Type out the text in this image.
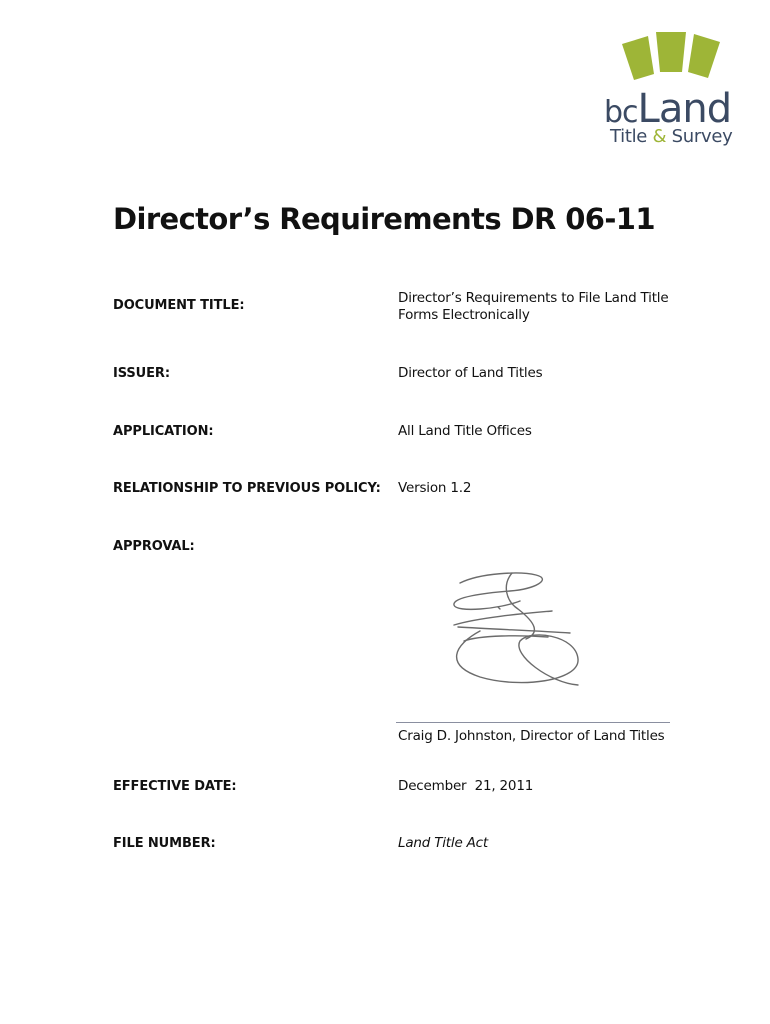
bcLand
Title & Survey
Director’s Requirements DR 06-11
DOCUMENT TITLE:	Director’s Requirements to File Land Title
Forms Electronically
ISSUER:	Director of Land Titles
APPLICATION:	All Land Title Offices
RELATIONSHIP TO PREVIOUS POLICY: Version 1.2
APPROVAL:
Craig D. Johnston, Director of Land Titles
EFFECTIVE DATE:	December  21, 2011
FILE NUMBER:	Land Title Act
